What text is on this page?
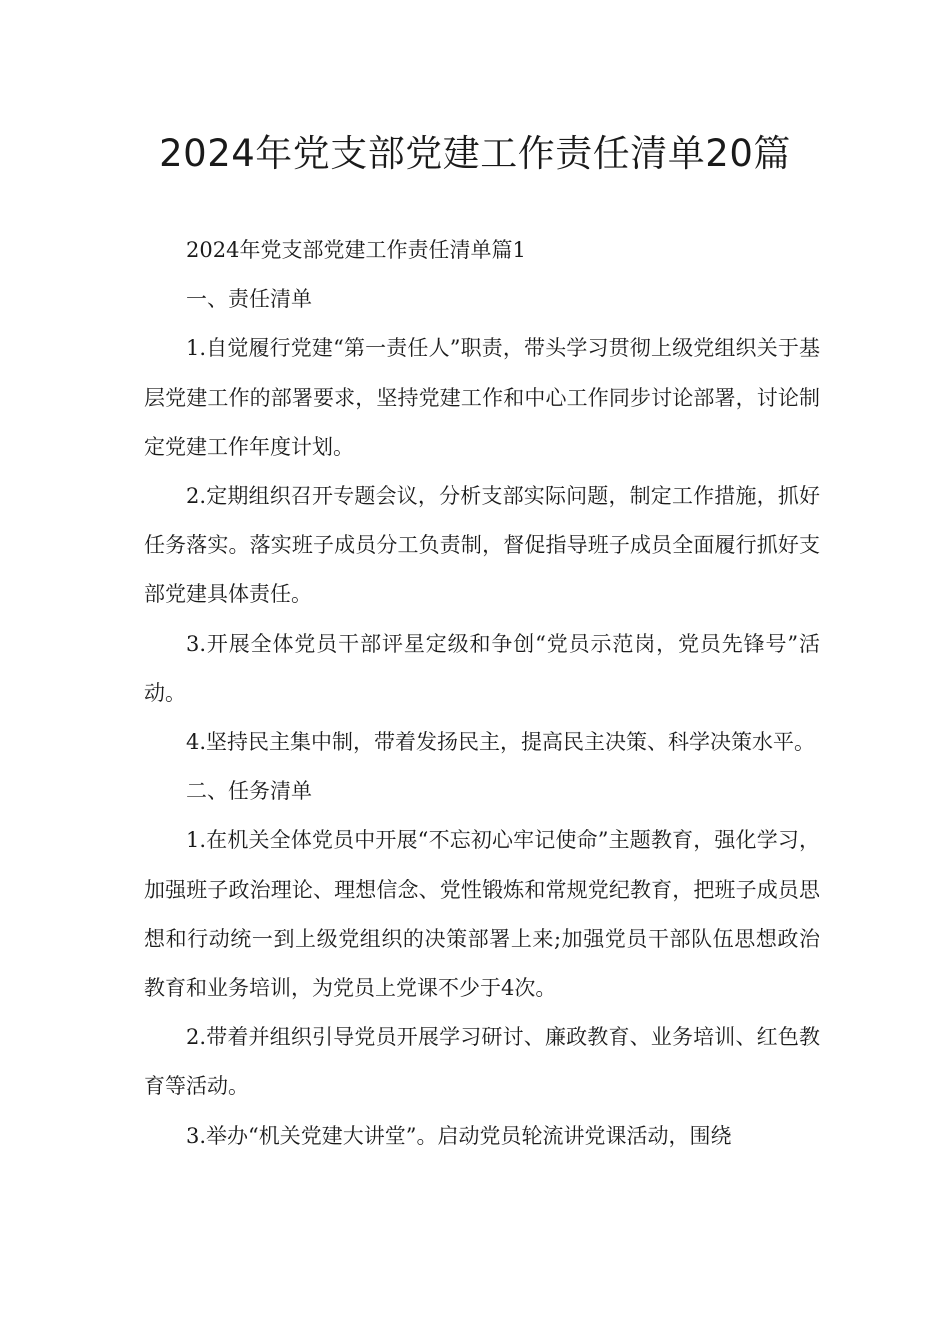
2024年党支部党建工作责任清单20篇

2024年党支部党建工作责任清单篇1

一、责任清单

1.自觉履行党建“第一责任人”职责，带头学习贯彻上级党组织关于基层党建工作的部署要求，坚持党建工作和中心工作同步讨论部署，讨论制定党建工作年度计划。

2.定期组织召开专题会议，分析支部实际问题，制定工作措施，抓好任务落实。落实班子成员分工负责制，督促指导班子成员全面履行抓好支部党建具体责任。

3.开展全体党员干部评星定级和争创“党员示范岗，党员先锋号”活动。

4.坚持民主集中制，带着发扬民主，提高民主决策、科学决策水平。

二、任务清单

1.在机关全体党员中开展“不忘初心牢记使命”主题教育，强化学习，加强班子政治理论、理想信念、党性锻炼和常规党纪教育，把班子成员思想和行动统一到上级党组织的决策部署上来;加强党员干部队伍思想政治教育和业务培训，为党员上党课不少于4次。

2.带着并组织引导党员开展学习研讨、廉政教育、业务培训、红色教育等活动。

3.举办“机关党建大讲堂”。启动党员轮流讲党课活动，围绕
